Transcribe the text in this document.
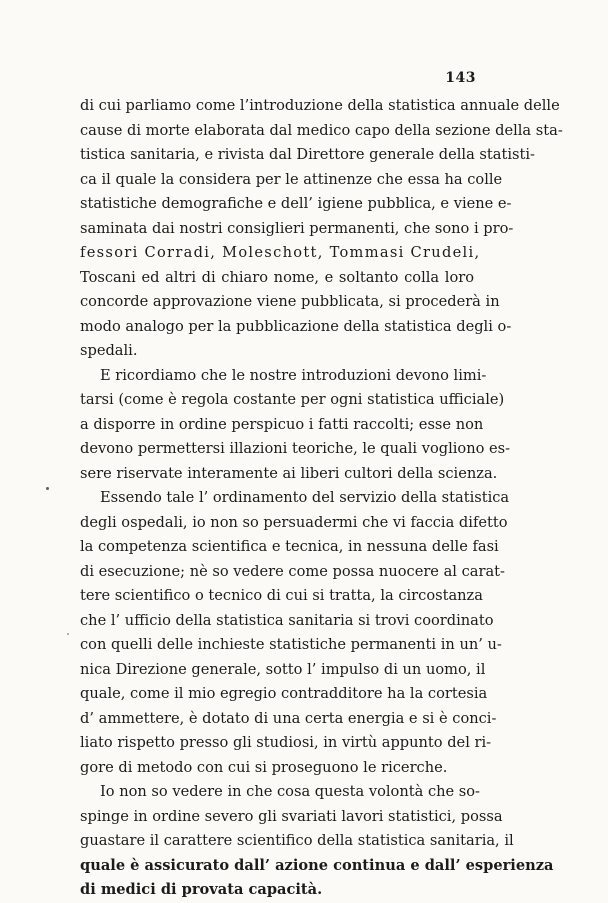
143
di cui parliamo come l’introduzione della statistica annuale delle
cause di morte elaborata dal medico capo della sezione della sta-
tistica sanitaria, e rivista dal Direttore generale della statisti-
ca il quale la considera per le attinenze che essa ha colle
statistiche demografiche e dell’ igiene pubblica, e viene e-
saminata dai nostri consiglieri permanenti, che sono i pro-
fessori Corradi, Moleschott, Tommasi Crudeli,
Toscani ed altri di chiaro nome, e soltanto colla loro
concorde approvazione viene pubblicata, si procederà in
modo analogo per la pubblicazione della statistica degli o-
spedali.
E ricordiamo che le nostre introduzioni devono limi-
tarsi (come è regola costante per ogni statistica ufficiale)
a disporre in ordine perspicuo i fatti raccolti; esse non
devono permettersi illazioni teoriche, le quali vogliono es-
sere riservate interamente ai liberi cultori della scienza.
Essendo tale l’ ordinamento del servizio della statistica
degli ospedali, io non so persuadermi che vi faccia difetto
la competenza scientifica e tecnica, in nessuna delle fasi
di esecuzione; nè so vedere come possa nuocere al carat-
tere scientifico o tecnico di cui si tratta, la circostanza
che l’ ufficio della statistica sanitaria si trovi coordinato
con quelli delle inchieste statistiche permanenti in un’ u-
nica Direzione generale, sotto l’ impulso di un uomo, il
quale, come il mio egregio contradditore ha la cortesia
d’ ammettere, è dotato di una certa energia e si è conci-
liato rispetto presso gli studiosi, in virtù appunto del ri-
gore di metodo con cui si proseguono le ricerche.
Io non so vedere in che cosa questa volontà che so-
spinge in ordine severo gli svariati lavori statistici, possa
guastare il carattere scientifico della statistica sanitaria, il
quale è assicurato dall’ azione continua e dall’ esperienza
di medici di provata capacità.
